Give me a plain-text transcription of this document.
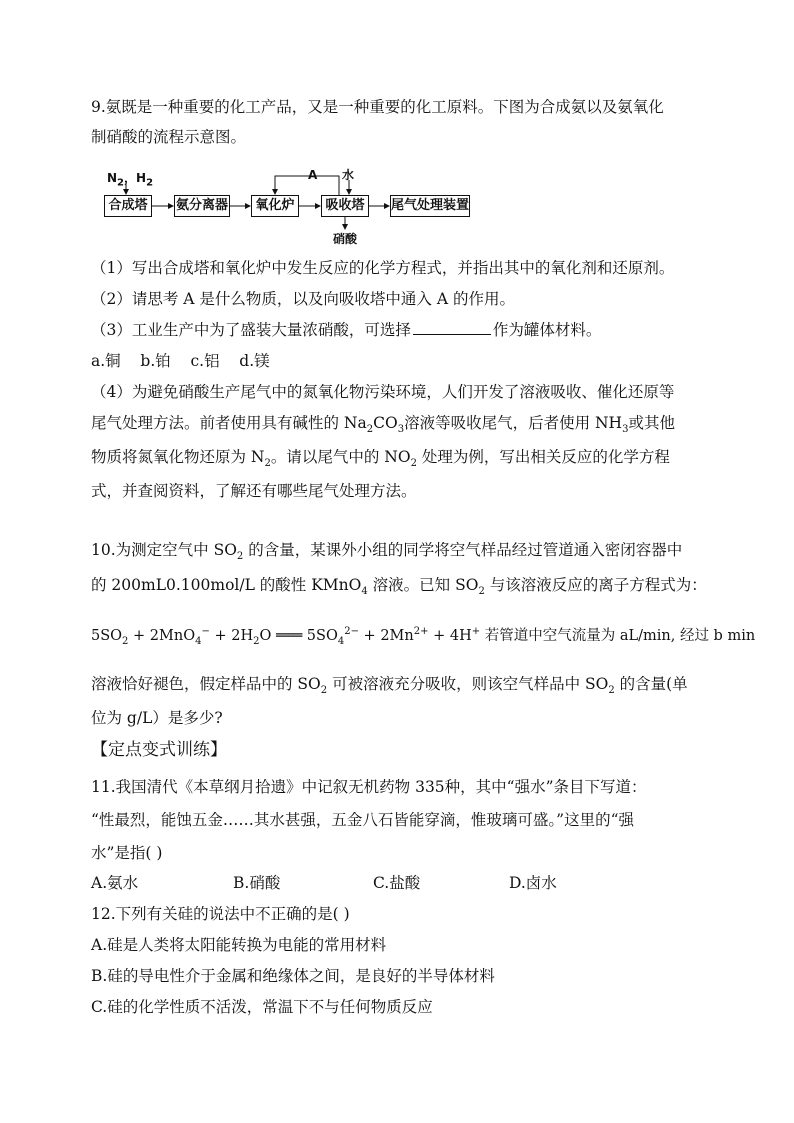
9.氨既是一种重要的化工产品，又是一种重要的化工原料。下图为合成氨以及氨氧化
制硝酸的流程示意图。
$N_2$，$H_2$
合成塔	氨分离器	氧化炉	吸收塔	尾气处理装置
A 水
硝酸
（1）写出合成塔和氧化炉中发生反应的化学方程式，并指出其中的氧化剂和还原剂。
（2）请思考 A 是什么物质，以及向吸收塔中通入 A 的作用。
（3）工业生产中为了盛装大量浓硝酸，可选择	作为罐体材料。
a.铜 b.铂 c.铝 d.镁
（4）为避免硝酸生产尾气中的氮氧化物污染环境，人们开发了溶液吸收、催化还原等
尾气处理方法。前者使用具有碱性的 $Na_2CO_3$溶液等吸收尾气，后者使用 $NH_3$或其他
物质将氮氧化物还原为 $N_2$。请以尾气中的 $NO_2$ 处理为例，写出相关反应的化学方程
式，并查阅资料，了解还有哪些尾气处理方法。
10.为测定空气中 $SO_2$ 的含量，某课外小组的同学将空气样品经过管道通入密闭容器中
的 200mL0.100mol/L 的酸性 KMnO$_4$ 溶液。已知 $SO_2$ 与该溶液反应的离子方程式为：
$5SO_2 + 2MnO_4^- + 2H_2O$ ═══ $5SO_4^{2-} + 2Mn^{2+} + 4H^+$ 若管道中空气流量为 aL/min, 经过 b min
溶液恰好褪色，假定样品中的 $SO_2$ 可被溶液充分吸收，则该空气样品中 $SO_2$ 的含量(单
位为 g/L）是多少?
【定点变式训练】
11.我国清代《本草纲月拾遗》中记叙无机药物 335种，其中“强水”条目下写道：
“性最烈，能蚀五金……其水甚强，五金八石皆能穿滴，惟玻璃可盛。”这里的“强
水”是指( )
A.氨水	B.硝酸	C.盐酸	D.卤水
12.下列有关硅的说法中不正确的是( )
A.硅是人类将太阳能转换为电能的常用材料
B.硅的导电性介于金属和绝缘体之间，是良好的半导体材料
C.硅的化学性质不活泼，常温下不与任何物质反应
